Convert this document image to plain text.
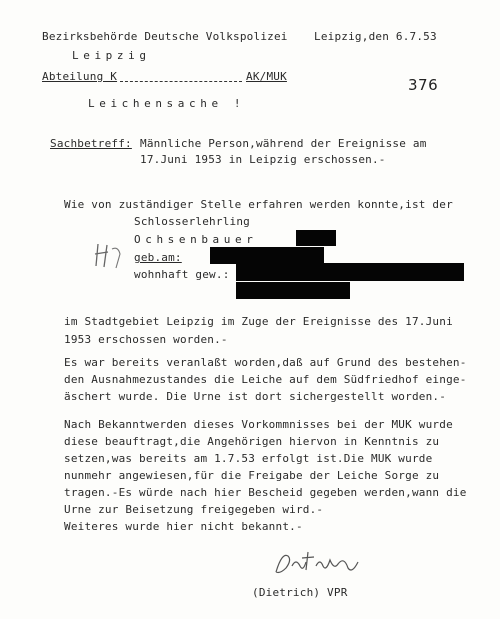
Bezirksbehörde Deutsche Volkspolizei Leipzig,den 6.7.53
Leipzig
Abteilung K	AK/MUK	376
Leichensache !
Sachbetreff: Männliche Person,während der Ereignisse am
17.Juni 1953 in Leipzig erschossen.-
Wie von zuständiger Stelle erfahren werden konnte,ist der
Schlosserlehrling
Ochsenbauer
geb.am:
wohnhaft gew.:
im Stadtgebiet Leipzig im Zuge der Ereignisse des 17.Juni
1953 erschossen worden.-
Es war bereits veranlaßt worden,daß auf Grund des bestehen-
den Ausnahmezustandes die Leiche auf dem Südfriedhof einge-
äschert wurde. Die Urne ist dort sichergestellt worden.-
Nach Bekanntwerden dieses Vorkommnisses bei der MUK wurde
diese beauftragt,die Angehörigen hiervon in Kenntnis zu
setzen,was bereits am 1.7.53 erfolgt ist.Die MUK wurde
nunmehr angewiesen,für die Freigabe der Leiche Sorge zu
tragen.-Es würde nach hier Bescheid gegeben werden,wann die
Urne zur Beisetzung freigegeben wird.-
Weiteres wurde hier nicht bekannt.-
(Dietrich) VPR
